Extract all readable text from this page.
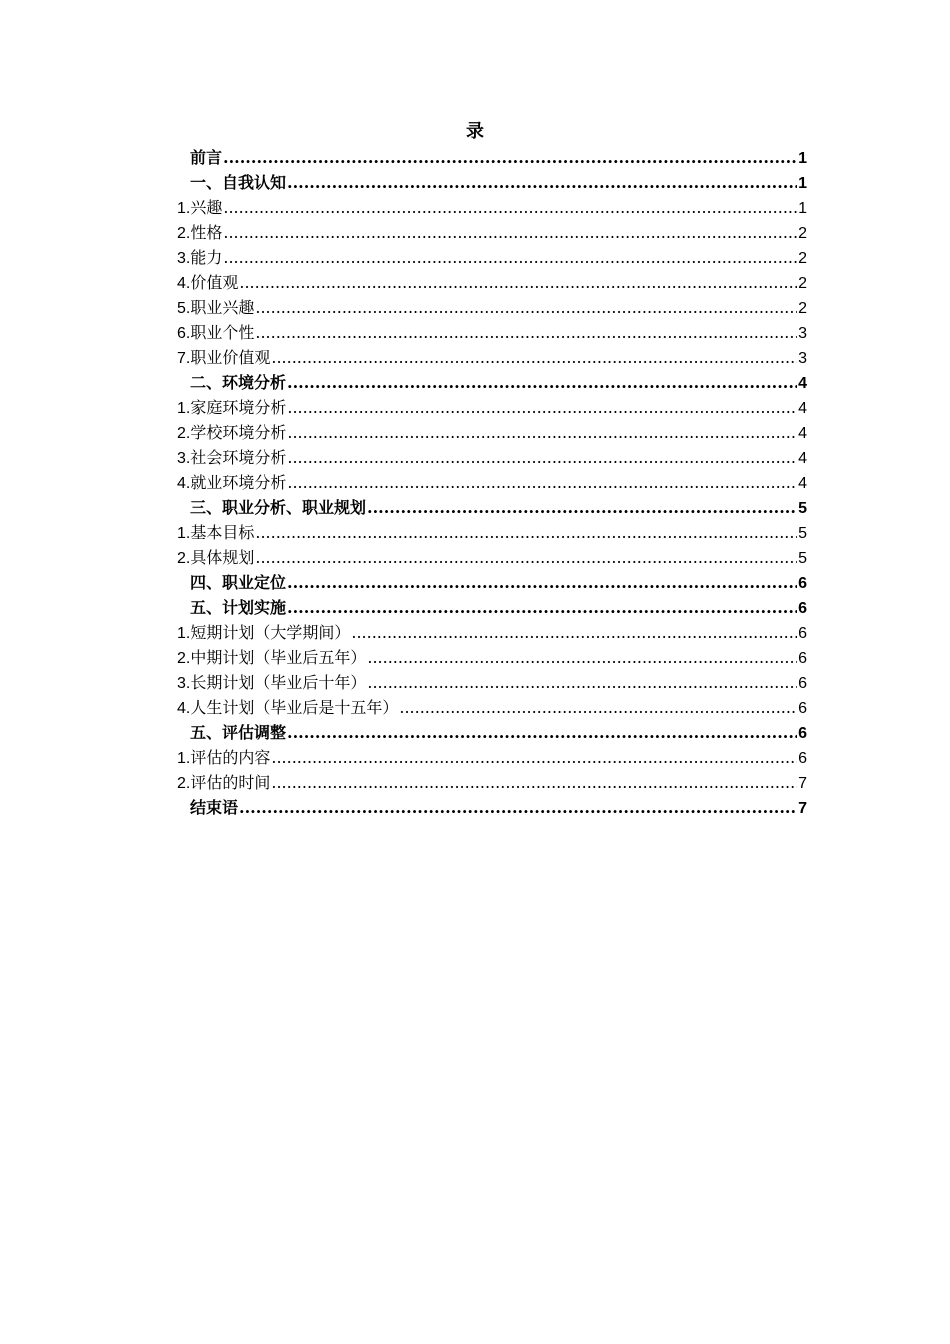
录
前言 .....	1
一、自我认知 .....	1
1.兴趣 .....	1
2.性格 .....	2
3.能力 .....	2
4.价值观 .....	2
5.职业兴趣 .....	2
6.职业个性 .....	3
7.职业价值观 .....	3
二、环境分析 .....	4
1.家庭环境分析 .....	4
2.学校环境分析 .....	4
3.社会环境分析 .....	4
4.就业环境分析 .....	4
三、职业分析、职业规划 .....	5
1.基本目标 .....	5
2.具体规划 .....	5
四、职业定位 .....	6
五、计划实施 .....	6
1.短期计划（大学期间） .....	6
2.中期计划（毕业后五年） .....	6
3.长期计划（毕业后十年） .....	6
4.人生计划（毕业后是十五年） .....	6
五、评估调整 .....	6
1.评估的内容 .....	6
2.评估的时间 .....	7
结束语 .....	7
